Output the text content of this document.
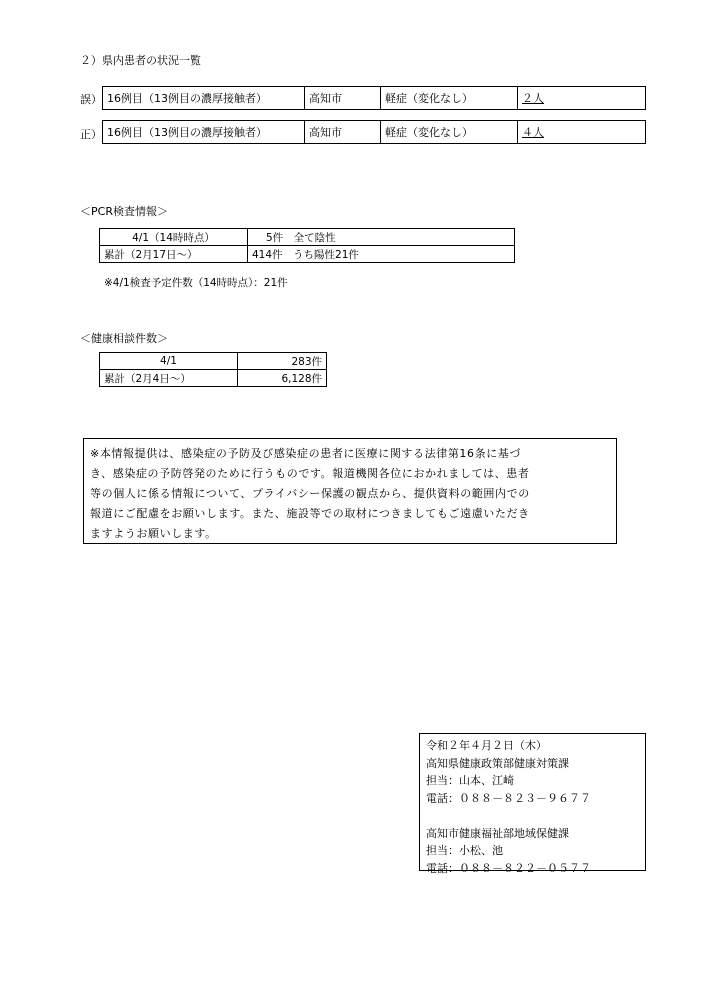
２）県内患者の状況一覧
誤） 16例目（13例目の濃厚接触者）	高知市	軽症（変化なし）	２人
正） 16例目（13例目の濃厚接触者）	高知市	軽症（変化なし）	４人
＜PCR検査情報＞
4/1（14時時点）	5件　全て陰性
累計（2月17日～）	414件　うち陽性21件
※4/1検査予定件数（14時時点）：21件
＜健康相談件数＞
4/1	283件
累計（2月4日～）	6,128件
※本情報提供は、感染症の予防及び感染症の患者に医療に関する法律第16条に基づ
き、感染症の予防啓発のために行うものです。報道機関各位におかれましては、患者
等の個人に係る情報について、プライバシー保護の観点から、提供資料の範囲内での
報道にご配慮をお願いします。また、施設等での取材につきましてもご遠慮いただき
ますようお願いします。
令和２年４月２日（木）
高知県健康政策部健康対策課
担当：山本、江崎
電話：０８８－８２３－９６７７
高知市健康福祉部地域保健課
担当：小松、池
電話：０８８－８２２－０５７７
